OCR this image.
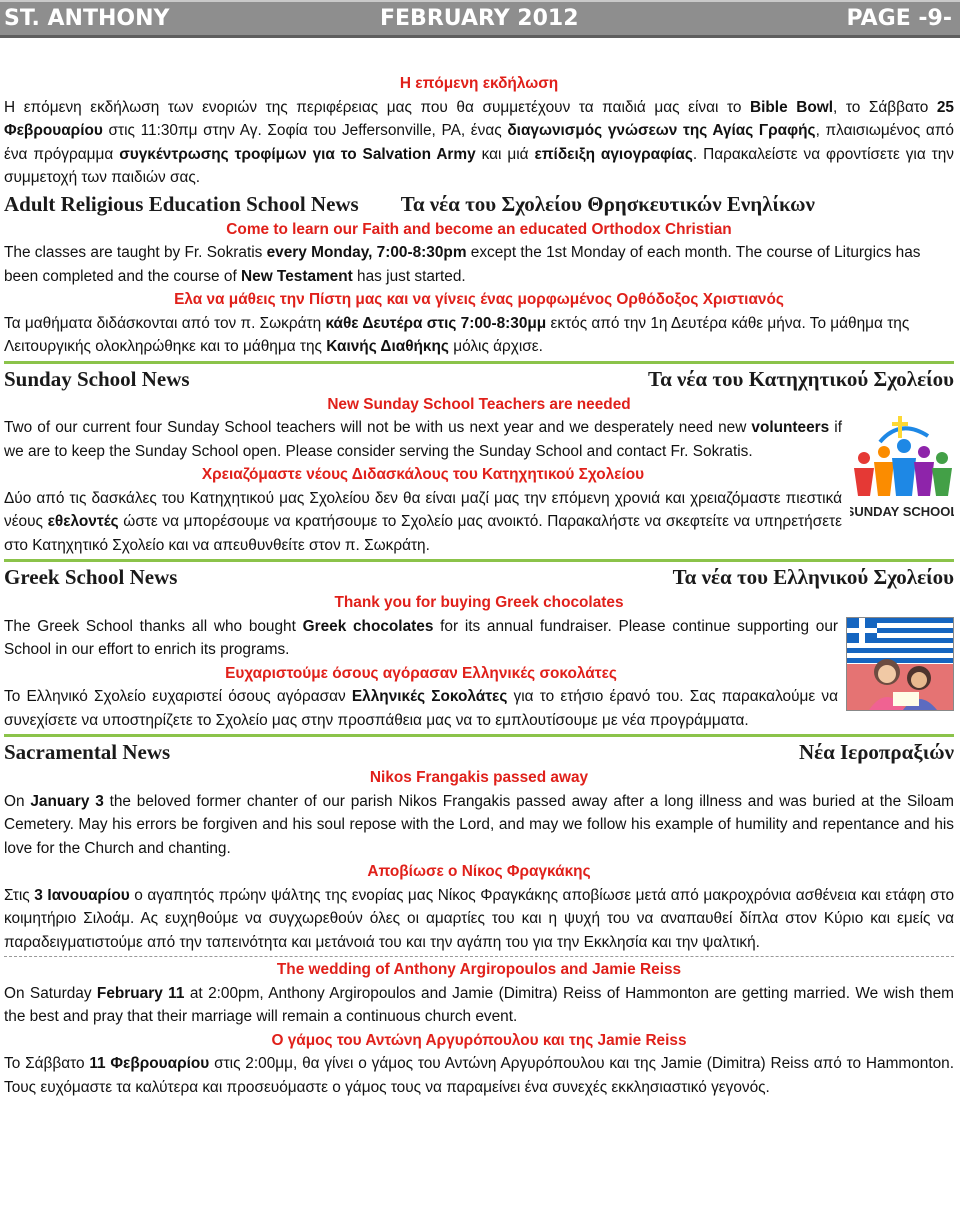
ST. ANTHONY	FEBRUARY 2012	PAGE -9-
Η επόμενη εκδήλωση
Η επόμενη εκδήλωση των ενοριών της περιφέρειας μας που θα συμμετέχουν τα παιδιά μας είναι το Bible Bowl, το Σάββατο 25 Φεβρουαρίου στις 11:30πμ στην Αγ. Σοφία του Jeffersonville, PA, ένας διαγωνισμός γνώσεων της Αγίας Γραφής, πλαισιωμένος από ένα πρόγραμμα συγκέντρωσης τροφίμων για το Salvation Army και μιά επίδειξη αγιογραφίας. Παρακαλείστε να φροντίσετε για την συμμετοχή των παιδιών σας.
Adult Religious Education School News Τα νέα του Σχολείου Θρησκευτικών Ενηλίκων
Come to learn our Faith and become an educated Orthodox Christian
The classes are taught by Fr. Sokratis every Monday, 7:00-8:30pm except the 1st Monday of each month. The course of Liturgics has been completed and the course of New Testament has just started.
Ελα να μάθεις την Πίστη μας και να γίνεις ένας μορφωμένος Ορθόδοξος Χριστιανός
Τα μαθήματα διδάσκονται από τον π. Σωκράτη κάθε Δευτέρα στις 7:00-8:30μμ εκτός από την 1η Δευτέρα κάθε μήνα. Το μάθημα της Λειτουργικής ολοκληρώθηκε και το μάθημα της Καινής Διαθήκης μόλις άρχισε.
Sunday School News	Τα νέα του Κατηχητικού Σχολείου
New Sunday School Teachers are needed
SUNDAY SCHOOL
Two of our current four Sunday School teachers will not be with us next year and we desperately need new volunteers if we are to keep the Sunday School open. Please consider serving the Sunday School and contact Fr. Sokratis.
Χρειαζόμαστε νέους Διδασκάλους του Κατηχητικού Σχολείου
Δύο από τις δασκάλες του Κατηχητικού μας Σχολείου δεν θα είναι μαζί μας την επόμενη χρονιά και χρειαζόμαστε πιεστικά νέους εθελοντές ώστε να μπορέσουμε να κρατήσουμε το Σχολείο μας ανοικτό. Παρακαλήστε να σκεφτείτε να υπηρετήσετε στο Κατηχητικό Σχολείο και να απευθυνθείτε στον π. Σωκράτη.
Greek School News	Τα νέα του Ελληνικού Σχολείου
Thank you for buying Greek chocolates
The Greek School thanks all who bought Greek chocolates for its annual fundraiser. Please continue supporting our School in our effort to enrich its programs.
Ευχαριστούμε όσους αγόρασαν Ελληνικές σοκολάτες
Το Ελληνικό Σχολείο ευχαριστεί όσους αγόρασαν Ελληνικές Σοκολάτες για το ετήσιο έρανό του. Σας παρακαλούμε να συνεχίσετε να υποστηρίζετε το Σχολείο μας στην προσπάθεια μας να το εμπλουτίσουμε με νέα προγράμματα.
Sacramental News	Νέα Ιεροπραξιών
Nikos Frangakis passed away
On January 3 the beloved former chanter of our parish Nikos Frangakis passed away after a long illness and was buried at the Siloam Cemetery. May his errors be forgiven and his soul repose with the Lord, and may we follow his example of humility and repentance and his love for the Church and chanting.
Αποβίωσε ο Νίκος Φραγκάκης
Στις 3 Ιανουαρίου ο αγαπητός πρώην ψάλτης της ενορίας μας Νίκος Φραγκάκης αποβίωσε μετά από μακροχρόνια ασθένεια και ετάφη στο κοιμητήριο Σιλοάμ. Ας ευχηθούμε να συγχωρεθούν όλες οι αμαρτίες του και η ψυχή του να αναπαυθεί δίπλα στον Κύριο και εμείς να παραδειγματιστούμε από την ταπεινότητα και μετάνοιά του και την αγάπη του για την Εκκλησία και την ψαλτική.
The wedding of Anthony Argiropoulos and Jamie Reiss
On Saturday February 11 at 2:00pm, Anthony Argiropoulos and Jamie (Dimitra) Reiss of Hammonton are getting married. We wish them the best and pray that their marriage will remain a continuous church event.
Ο γάμος του Αντώνη Αργυρόπουλου και της Jamie Reiss
Το Σάββατο 11 Φεβρουαρίου στις 2:00μμ, θα γίνει ο γάμος του Αντώνη Αργυρόπουλου και της Jamie (Dimitra) Reiss από το Hammonton. Τους ευχόμαστε τα καλύτερα και προσευόμαστε ο γάμος τους να παραμείνει ένα συνεχές εκκλησιαστικό γεγονός.
